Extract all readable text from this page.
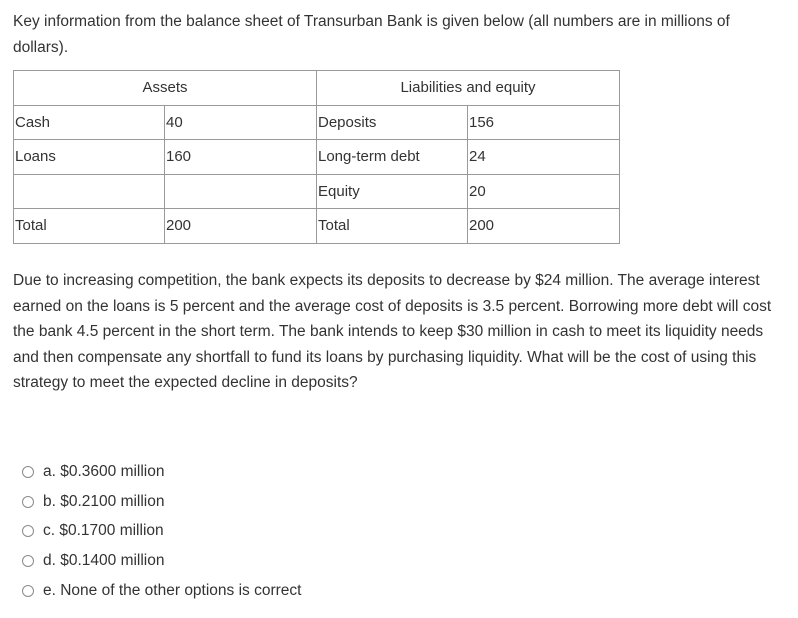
Key information from the balance sheet of Transurban Bank is given below (all numbers are in millions of dollars).

Assets		Liabilities and equity	
Cash	40	Deposits	156
Loans	160	Long-term debt	24
		Equity	20
Total	200	Total	200

Due to increasing competition, the bank expects its deposits to decrease by $24 million. The average interest earned on the loans is 5 percent and the average cost of deposits is 3.5 percent. Borrowing more debt will cost the bank 4.5 percent in the short term. The bank intends to keep $30 million in cash to meet its liquidity needs and then compensate any shortfall to fund its loans by purchasing liquidity. What will be the cost of using this strategy to meet the expected decline in deposits?

a. $0.3600 million
b. $0.2100 million
c. $0.1700 million
d. $0.1400 million
e. None of the other options is correct
